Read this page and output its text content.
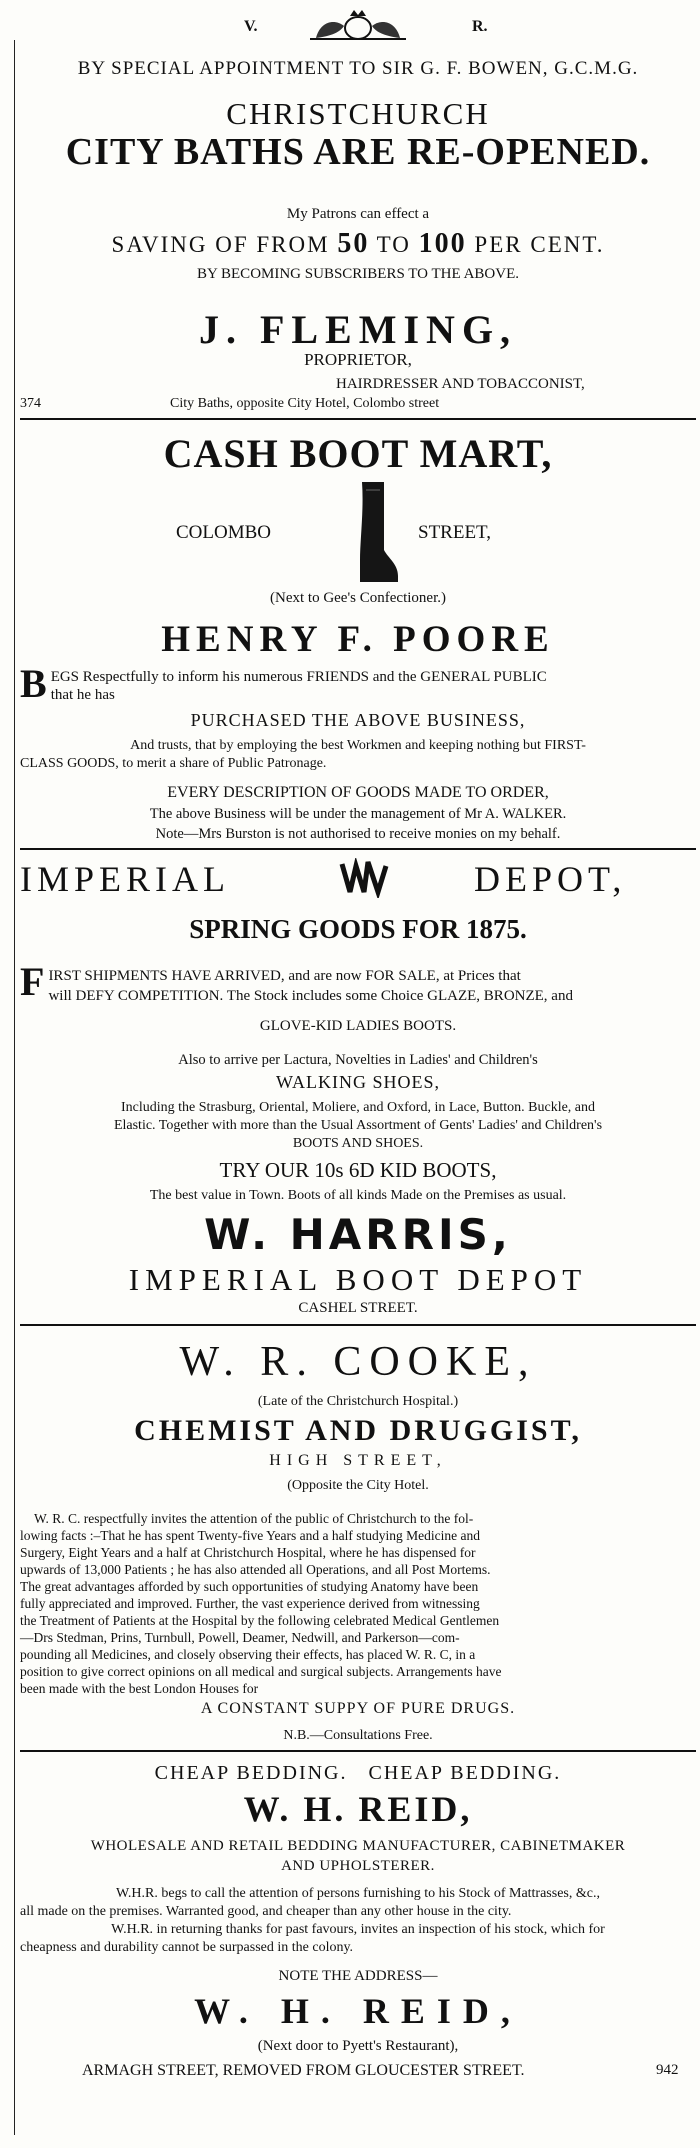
V.	R.
BY SPECIAL APPOINTMENT TO SIR G. F. BOWEN, G.C.M.G.
CHRISTCHURCH
CITY BATHS ARE RE-OPENED.
My Patrons can effect a
SAVING OF FROM 50 TO 100 PER CENT.
BY BECOMING SUBSCRIBERS TO THE ABOVE.
J. FLEMING,
PROPRIETOR,
HAIRDRESSER AND TOBACCONIST,
374	City Baths, opposite City Hotel, Colombo street
CASH BOOT MART,
COLOMBO	STREET,
(Next to Gee's Confectioner.)
HENRY F. POORE
B EGS Respectfully to inform his numerous FRIENDS and the GENERAL PUBLIC
that he has
PURCHASED THE ABOVE BUSINESS,
And trusts, that by employing the best Workmen and keeping nothing but FIRST-
CLASS GOODS, to merit a share of Public Patronage.
EVERY DESCRIPTION OF GOODS MADE TO ORDER,
The above Business will be under the management of Mr A. WALKER.
Note—Mrs Burston is not authorised to receive monies on my behalf.
IMPERIAL	DEPOT,
SPRING GOODS FOR 1875.
F IRST SHIPMENTS HAVE ARRIVED, and are now FOR SALE, at Prices that
will DEFY COMPETITION. The Stock includes some Choice GLAZE, BRONZE, and
GLOVE-KID LADIES BOOTS.
Also to arrive per Lactura, Novelties in Ladies' and Children's
WALKING SHOES,
Including the Strasburg, Oriental, Moliere, and Oxford, in Lace, Button. Buckle, and
Elastic. Together with more than the Usual Assortment of Gents' Ladies' and Children's
BOOTS AND SHOES.
TRY OUR 10s 6D KID BOOTS,
The best value in Town. Boots of all kinds Made on the Premises as usual.
W. HARRIS,
IMPERIAL BOOT DEPOT
CASHEL STREET.
W. R. COOKE,
(Late of the Christchurch Hospital.)
CHEMIST AND DRUGGIST,
HIGH STREET,
(Opposite the City Hotel.
W. R. C. respectfully invites the attention of the public of Christchurch to the fol-
lowing facts :–That he has spent Twenty-five Years and a half studying Medicine and
Surgery, Eight Years and a half at Christchurch Hospital, where he has dispensed for
upwards of 13,000 Patients ; he has also attended all Operations, and all Post Mortems.
The great advantages afforded by such opportunities of studying Anatomy have been
fully appreciated and improved. Further, the vast experience derived from witnessing
the Treatment of Patients at the Hospital by the following celebrated Medical Gentlemen
—Drs Stedman, Prins, Turnbull, Powell, Deamer, Nedwill, and Parkerson—com-
pounding all Medicines, and closely observing their effects, has placed W. R. C, in a
position to give correct opinions on all medical and surgical subjects. Arrangements have
been made with the best London Houses for
A CONSTANT SUPPY OF PURE DRUGS.
N.B.—Consultations Free.
CHEAP BEDDING.   CHEAP BEDDING.
W. H. REID,
WHOLESALE AND RETAIL BEDDING MANUFACTURER, CABINETMAKER
AND UPHOLSTERER.
W.H.R. begs to call the attention of persons furnishing to his Stock of Mattrasses, &c.,
all made on the premises. Warranted good, and cheaper than any other house in the city.
W.H.R. in returning thanks for past favours, invites an inspection of his stock, which for
cheapness and durability cannot be surpassed in the colony.
NOTE THE ADDRESS—
W. H. REID,
(Next door to Pyett's Restaurant),
ARMAGH STREET, REMOVED FROM GLOUCESTER STREET.	942
